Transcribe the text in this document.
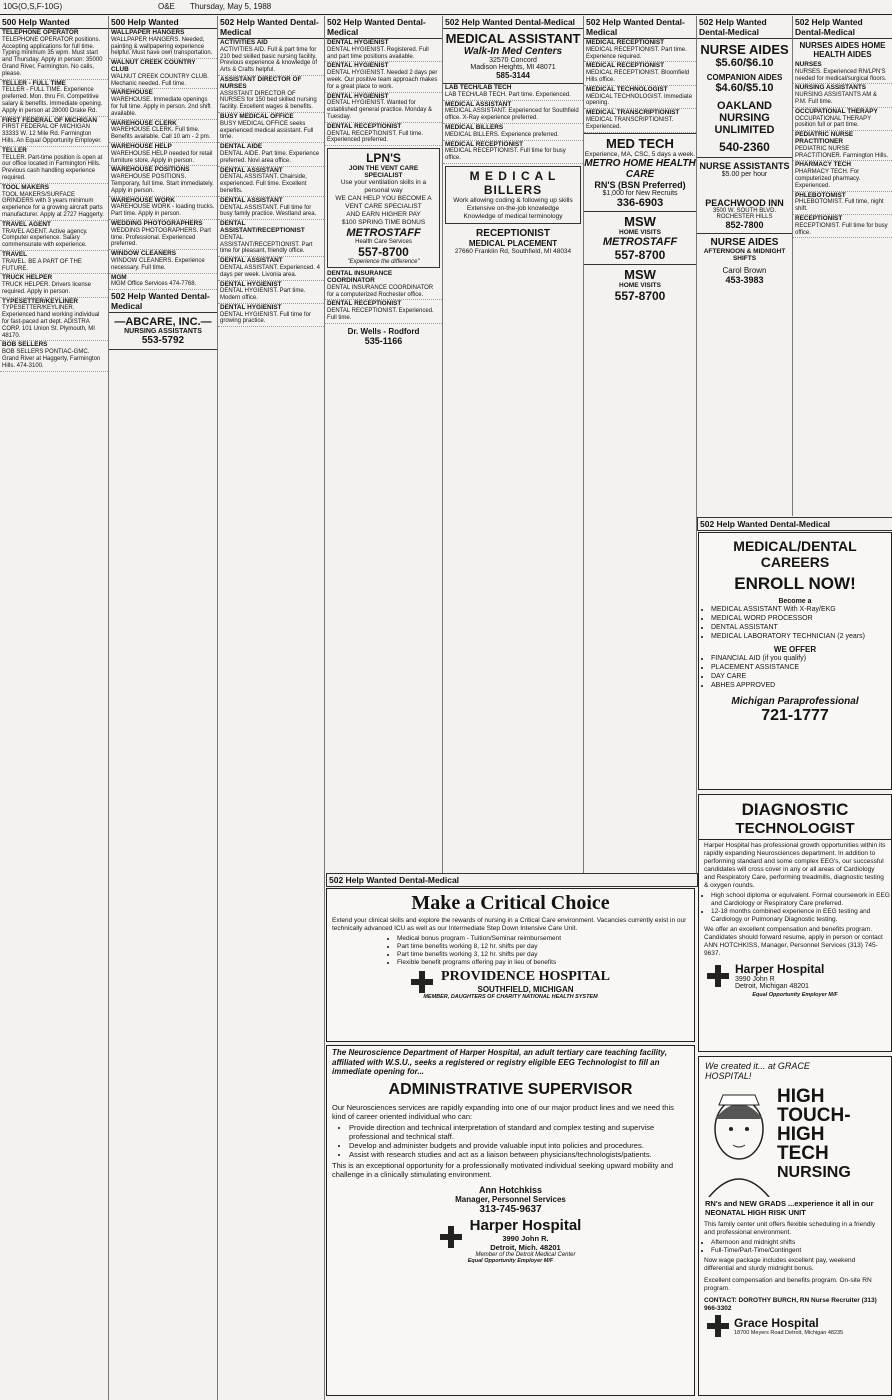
10G(O,S,F-10G)	O&E Thursday, May 5, 1988
500 Help Wanted
TELEPHONE OPERATOR
TELEPHONE OPERATOR positions. Accepting applications for full time. Typing minimum 35 wpm. Must start and Thursday. Apply in person: 35000 Grand River, Farmington. No calls, please.
TELLER - FULL TIME
TELLER - FULL TIME. Experience preferred. Mon. thru Fri. Competitive salary & benefits. Immediate opening. Apply in person at 28000 Drake Rd.
FIRST FEDERAL OF MICHIGAN
FIRST FEDERAL OF MICHIGAN 33333 W. 12 Mile Rd. Farmington Hills. An Equal Opportunity Employer.
TELLER
TELLER. Part-time position is open at our office located in Farmington Hills. Previous cash handling experience required.
TOOL MAKERS
TOOL MAKERS/SURFACE GRINDERS with 3 years minimum experience for a growing aircraft parts manufacturer. Apply at 2727 Haggerty.
TRAVEL AGENT
TRAVEL AGENT. Active agency. Computer experience. Salary commensurate with experience.
TRAVEL
TRAVEL. BE A PART OF THE FUTURE.
TRUCK HELPER
TRUCK HELPER. Drivers license required. Apply in person.
TYPESETTER/KEYLINER
TYPESETTER/KEYLINER. Experienced hand working individual for fast-paced art dept. ADISTRA CORP. 101 Union St. Plymouth, MI 48170.
BOB SELLERS
BOB SELLERS PONTIAC-GMC. Grand River at Haggerty, Farmington Hills. 474-3100.
500 Help Wanted
WALLPAPER HANGERS
WALLPAPER HANGERS. Needed, painting & wallpapering experience helpful. Must have own transportation.
WALNUT CREEK COUNTRY CLUB
WALNUT CREEK COUNTRY CLUB. Mechanic needed. Full time.
WAREHOUSE
WAREHOUSE. Immediate openings for full time. Apply in person. 2nd shift available.
WAREHOUSE CLERK
WAREHOUSE CLERK. Full time. Benefits available. Call 10 am - 2 pm.
WAREHOUSE HELP
WAREHOUSE HELP needed for retail furniture store. Apply in person.
WAREHOUSE POSITIONS
WAREHOUSE POSITIONS. Temporary, full time. Start immediately. Apply in person.
WAREHOUSE WORK
WAREHOUSE WORK - loading trucks. Part time. Apply in person.
WEDDING PHOTOGRAPHERS
WEDDING PHOTOGRAPHERS. Part time. Professional. Experienced preferred.
WINDOW CLEANERS
WINDOW CLEANERS. Experience necessary. Full time.
MGM
MGM Office Services 474-7768.
502 Help Wanted Dental-Medical
—ABCARE, INC.—
NURSING ASSISTANTS
553-5792
502 Help Wanted Dental-Medical
ACTIVITIES AID
ACTIVITIES AID. Full & part time for 210 bed skilled basic nursing facility. Previous experience & knowledge of Arts & Crafts helpful.
ASSISTANT DIRECTOR OF NURSES
ASSISTANT DIRECTOR OF NURSES for 150 bed skilled nursing facility. Excellent wages & benefits.
BUSY MEDICAL OFFICE
BUSY MEDICAL OFFICE seeks experienced medical assistant. Full time.
DENTAL AIDE
DENTAL AIDE. Part time. Experience preferred. Novi area office.
DENTAL ASSISTANT
DENTAL ASSISTANT. Chairside, experienced. Full time. Excellent benefits.
DENTAL ASSISTANT
DENTAL ASSISTANT. Full time for busy family practice. Westland area.
DENTAL ASSISTANT/RECEPTIONIST
DENTAL ASSISTANT/RECEPTIONIST. Part time for pleasant, friendly office.
DENTAL ASSISTANT
DENTAL ASSISTANT. Experienced. 4 days per week. Livonia area.
DENTAL HYGIENIST
DENTAL HYGIENIST. Part time. Modern office.
DENTAL HYGIENIST
DENTAL HYGIENIST. Full time for growing practice.
502 Help Wanted Dental-Medical
DENTAL HYGIENIST
DENTAL HYGIENIST. Registered. Full and part time positions available.
DENTAL HYGIENIST
DENTAL HYGIENIST. Needed 2 days per week. Our positive team approach makes for a great place to work.
DENTAL HYGIENIST
DENTAL HYGIENIST. Wanted for established general practice. Monday & Tuesday.
DENTAL RECEPTIONIST
DENTAL RECEPTIONIST. Full time. Experienced preferred.
LPN'S
JOIN THE VENT CARE SPECIALIST
Use your ventilation skills in a personal way
WE CAN HELP YOU BECOME A VENT CARE SPECIALIST
AND EARN HIGHER PAY
$100 SPRING TIME BONUS
METROSTAFF
Health Care Services
557-8700
"Experience the difference"
DENTAL INSURANCE COORDINATOR
DENTAL INSURANCE COORDINATOR for a computerized Rochester office.
DENTAL RECEPTIONIST
DENTAL RECEPTIONIST. Experienced. Full time.
Dr. Wells - Rodford
535-1166
502 Help Wanted Dental-Medical
MEDICAL ASSISTANT
Walk-In Med Centers
32570 Concord
Madison Heights, MI 48071
585-3144
LAB TECH/LAB TECH
LAB TECH/LAB TECH. Part time. Experienced.
MEDICAL ASSISTANT
MEDICAL ASSISTANT. Experienced for Southfield office. X-Ray experience preferred.
MEDICAL BILLERS
MEDICAL BILLERS. Experience preferred.
MEDICAL RECEPTIONIST
MEDICAL RECEPTIONIST. Full time for busy office.
M E D I C A L BILLERS
Work allowing coding & following up skills
Extensive on-the-job knowledge
Knowledge of medical terminology
RECEPTIONIST
MEDICAL PLACEMENT
27660 Franklin Rd, Southfield, MI 48034
502 Help Wanted Dental-Medical
MEDICAL RECEPTIONIST
MEDICAL RECEPTIONIST. Part time. Experience required.
MEDICAL RECEPTIONIST
MEDICAL RECEPTIONIST. Bloomfield Hills office.
MEDICAL TECHNOLOGIST
MEDICAL TECHNOLOGIST. Immediate opening.
MEDICAL TRANSCRIPTIONIST
MEDICAL TRANSCRIPTIONIST. Experienced.
MED TECH
Experience, MA, CSC, 5 days a week.
METRO HOME HEALTH CARE
RN'S (BSN Preferred)
$1,000 for New Recruits
336-6903
MSW
HOME VISITS
METROSTAFF
557-8700
MSW
HOME VISITS
557-8700
502 Help Wanted Dental-Medical
NURSE AIDES
$5.60/$6.10
COMPANION AIDES
$4.60/$5.10
OAKLAND NURSING UNLIMITED
540-2360
NURSE ASSISTANTS
$5.00 per hour
PEACHWOOD INN
3500 W. SOUTH BLVD. ROCHESTER HILLS
852-7800
NURSE AIDES
AFTERNOON & MIDNIGHT SHIFTS
Carol Brown
453-3983
502 Help Wanted Dental-Medical
NURSES AIDES HOME HEALTH AIDES
NURSES
NURSES. Experienced RN/LPN'S needed for medical/surgical floors.
NURSING ASSISTANTS
NURSING ASSISTANTS AM & P.M. Full time.
OCCUPATIONAL THERAPY
OCCUPATIONAL THERAPY position full or part time.
PEDIATRIC NURSE PRACTITIONER
PEDIATRIC NURSE PRACTITIONER. Farmington Hills.
PHARMACY TECH
PHARMACY TECH. For computerized pharmacy. Experienced.
PHLEBOTOMIST
PHLEBOTOMIST. Full time, night shift.
RECEPTIONIST
RECEPTIONIST. Full time for busy office.
502 Help Wanted Dental-Medical
MEDICAL/DENTAL
CAREERS
ENROLL NOW!
Become a
• MEDICAL ASSISTANT With X-Ray/EKG
• MEDICAL WORD PROCESSOR
• DENTAL ASSISTANT
• MEDICAL LABORATORY TECHNICIAN (2 years)
WE OFFER
• FINANCIAL AID (if you qualify)
• PLACEMENT ASSISTANCE
• DAY CARE
• ABHES APPROVED
Michigan Paraprofessional
721-1777
DIAGNOSTIC
TECHNOLOGIST
Harper Hospital has professional growth opportunities within its rapidly expanding Neurosciences department. In addition to performing standard and some complex EEG's, our successful candidates will cross cover in any or all areas of Cardiology and Respiratory Care, performing treadmills, diagnostic testing & oxygen rounds.
• High school diploma or equivalent. Formal coursework in EEG and Cardiology or Respiratory Care preferred.
• 12-18 months combined experience in EEG testing and Cardiology or Pulmonary Diagnostic testing.
We offer an excellent compensation and benefits program. Candidates should forward resume, apply in person or contact ANN HOTCHKISS, Manager, Personnel Services (313) 745-9637.
Harper Hospital
3990 John R
Detroit, Michigan 48201
Equal Opportunity Employer M/F
We created it... at GRACE HOSPITAL!
HIGH
TOUCH-
HIGH
TECH
NURSING
RN's and NEW GRADS ...experience it all in our NEONATAL HIGH RISK UNIT
This family center unit offers flexible scheduling in a friendly and professional environment.
• Afternoon and midnight shifts
• Full-Time/Part-Time/Contingent
Now wage package includes excellent pay, weekend differential and sturdy midnight bonus.
Excellent compensation and benefits program. On-site RN program.
CONTACT: DOROTHY BURCH, RN Nurse Recruiter (313) 966-3302
Grace Hospital
18700 Meyers Road Detroit, Michigan 48235
502 Help Wanted Dental-Medical
Make a Critical Choice
Extend your clinical skills and explore the rewards of nursing in a Critical Care environment. Vacancies currently exist in our technically advanced ICU as well as our Intermediate Step Down Intensive Care Unit.
• Medical bonus program - Tuition/Seminar reimbursement
• Part time benefits working 8, 12 hr. shifts per day
• Part time benefits working 3, 12 hr. shifts per day
• Flexible benefit programs offering pay in lieu of benefits
PROVIDENCE HOSPITAL
SOUTHFIELD, MICHIGAN
MEMBER, DAUGHTERS OF CHARITY NATIONAL HEALTH SYSTEM
The Neuroscience Department of Harper Hospital, an adult tertiary care teaching facility, affiliated with W.S.U., seeks a registered or registry eligible EEG Technologist to fill an immediate opening for...
ADMINISTRATIVE SUPERVISOR
Our Neurosciences services are rapidly expanding into one of our major product lines and we need this kind of career oriented individual who can:
• Provide direction and technical interpretation of standard and complex testing and supervise professional and technical staff.
• Develop and administer budgets and provide valuable input into policies and procedures.
• Assist with research studies and act as a liaison between physicians/technologists/patients.
This is an exceptional opportunity for a professionally motivated individual seeking upward mobility and challenge in a clinically stimulating environment.
Ann Hotchkiss
Manager, Personnel Services
313-745-9637
Harper Hospital
3990 John R.
Detroit, Mich. 48201
Member of the Detroit Medical Center
Equal Opportunity Employer M/F
